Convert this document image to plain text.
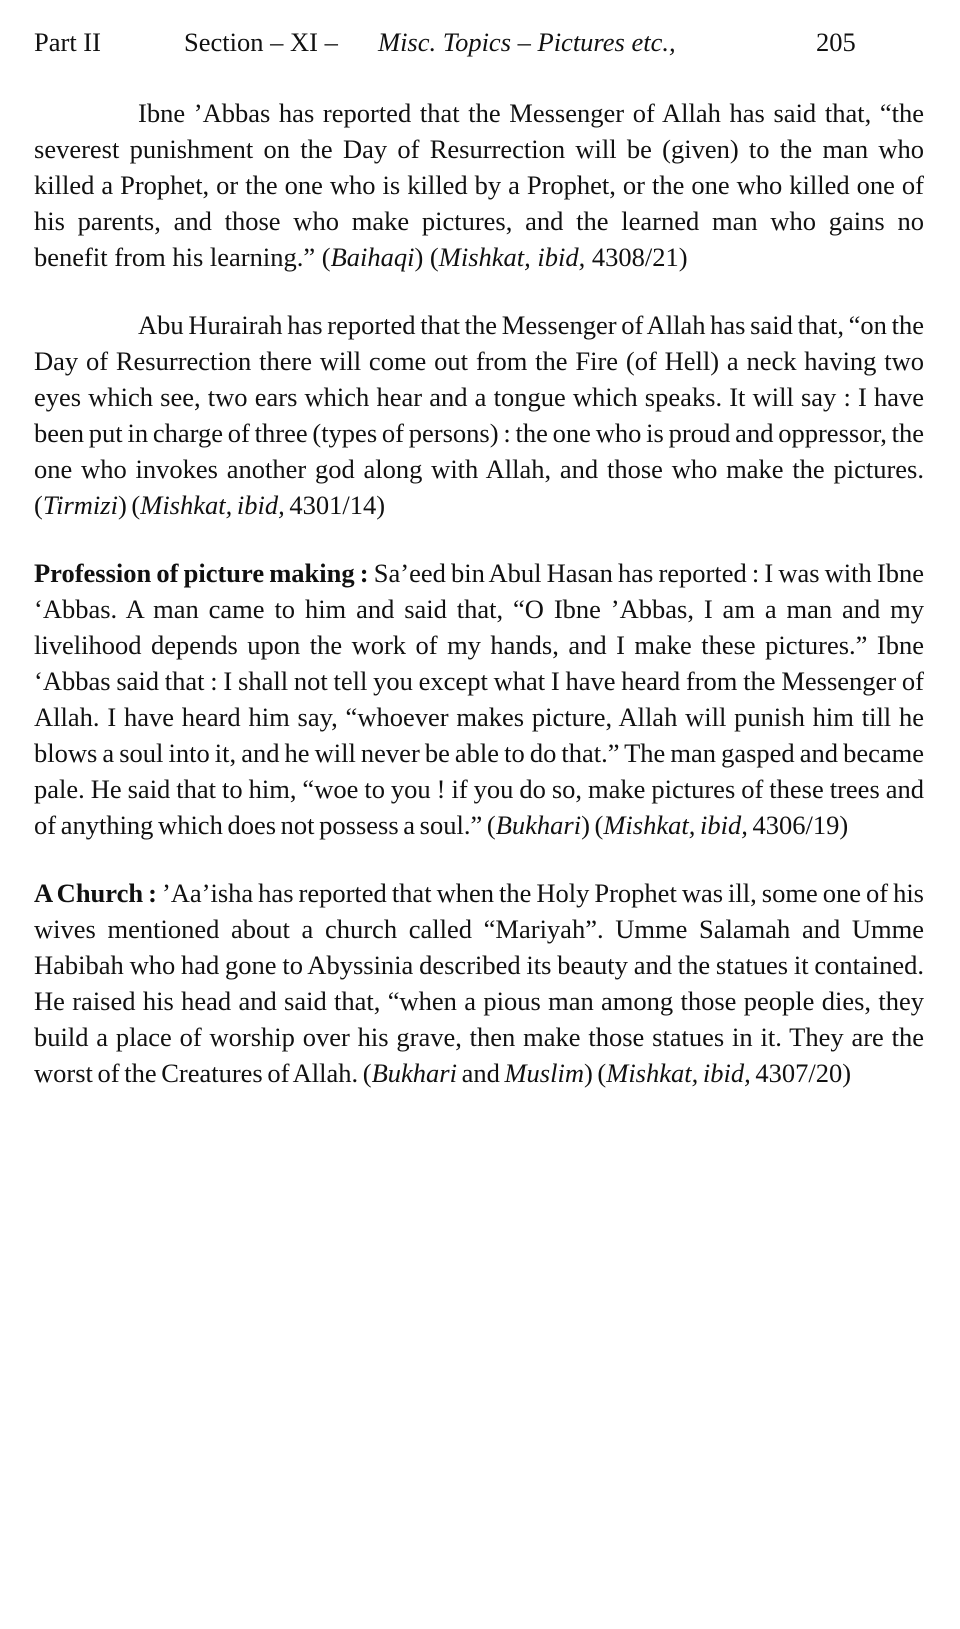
Part II	Section – XI – Misc. Topics – Pictures etc.,	205

Ibne ’Abbas has reported that the Messenger of Allah has said that, “the severest punishment on the Day of Resurrection will be (given) to the man who killed a Prophet, or the one who is killed by a Prophet, or the one who killed one of his parents, and those who make pictures, and the learned man who gains no benefit from his learning.” (Baihaqi) (Mishkat, ibid, 4308/21)

Abu Hurairah has reported that the Messenger of Allah has said that, “on the Day of Resurrection there will come out from the Fire (of Hell) a neck having two eyes which see, two ears which hear and a tongue which speaks. It will say : I have been put in charge of three (types of persons) : the one who is proud and oppressor, the one who invokes another god along with Allah, and those who make the pictures. (Tirmizi) (Mishkat, ibid, 4301/14)

Profession of picture making : Sa’eed bin Abul Hasan has reported : I was with Ibne ‘Abbas. A man came to him and said that, “O Ibne ’Abbas, I am a man and my livelihood depends upon the work of my hands, and I make these pictures.” Ibne ‘Abbas said that : I shall not tell you except what I have heard from the Messenger of Allah. I have heard him say, “whoever makes picture, Allah will punish him till he blows a soul into it, and he will never be able to do that.” The man gasped and became pale. He said that to him, “woe to you ! if you do so, make pictures of these trees and of anything which does not possess a soul.” (Bukhari) (Mishkat, ibid, 4306/19)

A Church : ’Aa’isha has reported that when the Holy Prophet was ill, some one of his wives mentioned about a church called “Mariyah”. Umme Salamah and Umme Habibah who had gone to Abyssinia described its beauty and the statues it contained. He raised his head and said that, “when a pious man among those people dies, they build a place of worship over his grave, then make those statues in it. They are the worst of the Creatures of Allah. (Bukhari and Muslim) (Mishkat, ibid, 4307/20)
